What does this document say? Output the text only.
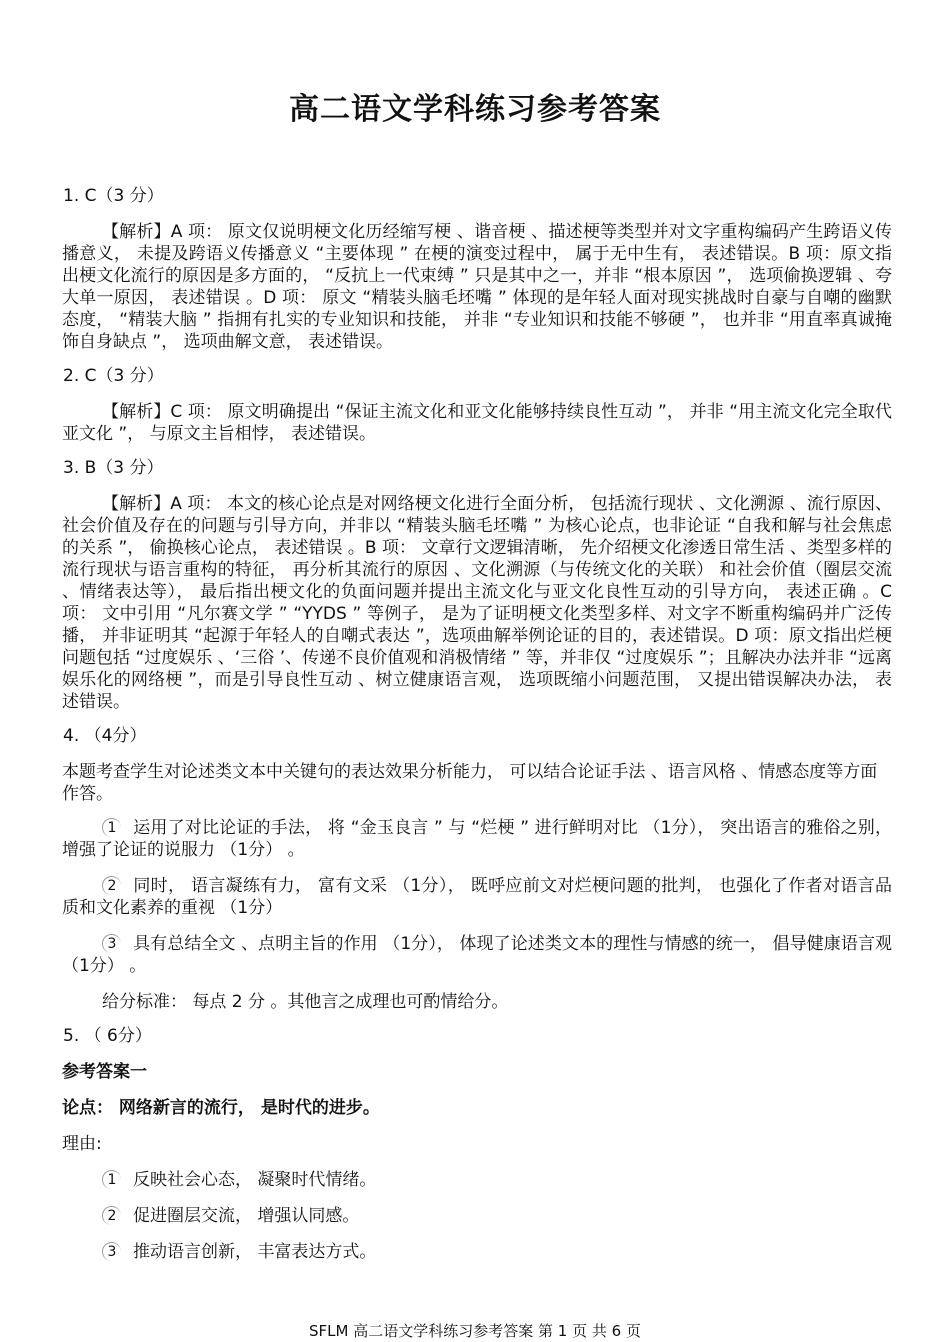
高二语文学科练习参考答案

1. C（3 分）

【解析】A 项： 原文仅说明梗文化历经缩写梗 、谐音梗 、描述梗等类型并对文字重构编码产生跨语义传播意义， 未提及跨语义传播意义 “主要体现 ” 在梗的演变过程中， 属于无中生有， 表述错误。B 项：原文指出梗文化流行的原因是多方面的， “反抗上一代束缚 ” 只是其中之一，并非 “根本原因 ”， 选项偷换逻辑 、夸大单一原因， 表述错误 。D 项： 原文 “精装头脑毛坯嘴 ” 体现的是年轻人面对现实挑战时自豪与自嘲的幽默态度， “精装大脑 ” 指拥有扎实的专业知识和技能， 并非 “专业知识和技能不够硬 ”， 也并非 “用直率真诚掩饰自身缺点 ”， 选项曲解文意， 表述错误。

2. C（3 分）

【解析】C 项： 原文明确提出 “保证主流文化和亚文化能够持续良性互动 ”， 并非 “用主流文化完全取代亚文化 ”， 与原文主旨相悖， 表述错误。

3. B（3 分）

【解析】A 项： 本文的核心论点是对网络梗文化进行全面分析， 包括流行现状 、文化溯源 、流行原因、社会价值及存在的问题与引导方向，并非以 “精装头脑毛坯嘴 ” 为核心论点，也非论证 “自我和解与社会焦虑的关系 ”， 偷换核心论点， 表述错误 。B 项： 文章行文逻辑清晰， 先介绍梗文化渗透日常生活 、类型多样的流行现状与语言重构的特征， 再分析其流行的原因 、文化溯源（与传统文化的关联） 和社会价值（圈层交流 、情绪表达等）， 最后指出梗文化的负面问题并提出主流文化与亚文化良性互动的引导方向， 表述正确 。C 项： 文中引用 “凡尔赛文学 ” “YYDS ” 等例子， 是为了证明梗文化类型多样、对文字不断重构编码并广泛传播， 并非证明其 “起源于年轻人的自嘲式表达 ”，选项曲解举例论证的目的，表述错误。D 项：原文指出烂梗问题包括 “过度娱乐 、‘三俗 ’、传递不良价值观和消极情绪 ” 等，并非仅 “过度娱乐 ”；且解决办法并非 “远离娱乐化的网络梗 ”，而是引导良性互动 、树立健康语言观， 选项既缩小问题范围， 又提出错误解决办法， 表述错误。

4. （4分）

本题考查学生对论述类文本中关键句的表达效果分析能力， 可以结合论证手法 、语言风格 、情感态度等方面作答。

1 运用了对比论证的手法， 将 “金玉良言 ” 与 “烂梗 ” 进行鲜明对比 （1分）， 突出语言的雅俗之别， 增强了论证的说服力 （1分） 。

2 同时， 语言凝练有力， 富有文采 （1分）， 既呼应前文对烂梗问题的批判， 也强化了作者对语言品质和文化素养的重视 （1分）

3 具有总结全文 、点明主旨的作用 （1分）， 体现了论述类文本的理性与情感的统一， 倡导健康语言观（1分） 。

给分标准： 每点 2 分 。其他言之成理也可酌情给分。

5. （ 6分）

参考答案一

论点： 网络新言的流行， 是时代的进步。

理由:

1 反映社会心态， 凝聚时代情绪。

2 促进圈层交流， 增强认同感。

3 推动语言创新， 丰富表达方式。

SFLM 高二语文学科练习参考答案 第 1 页 共 6 页
